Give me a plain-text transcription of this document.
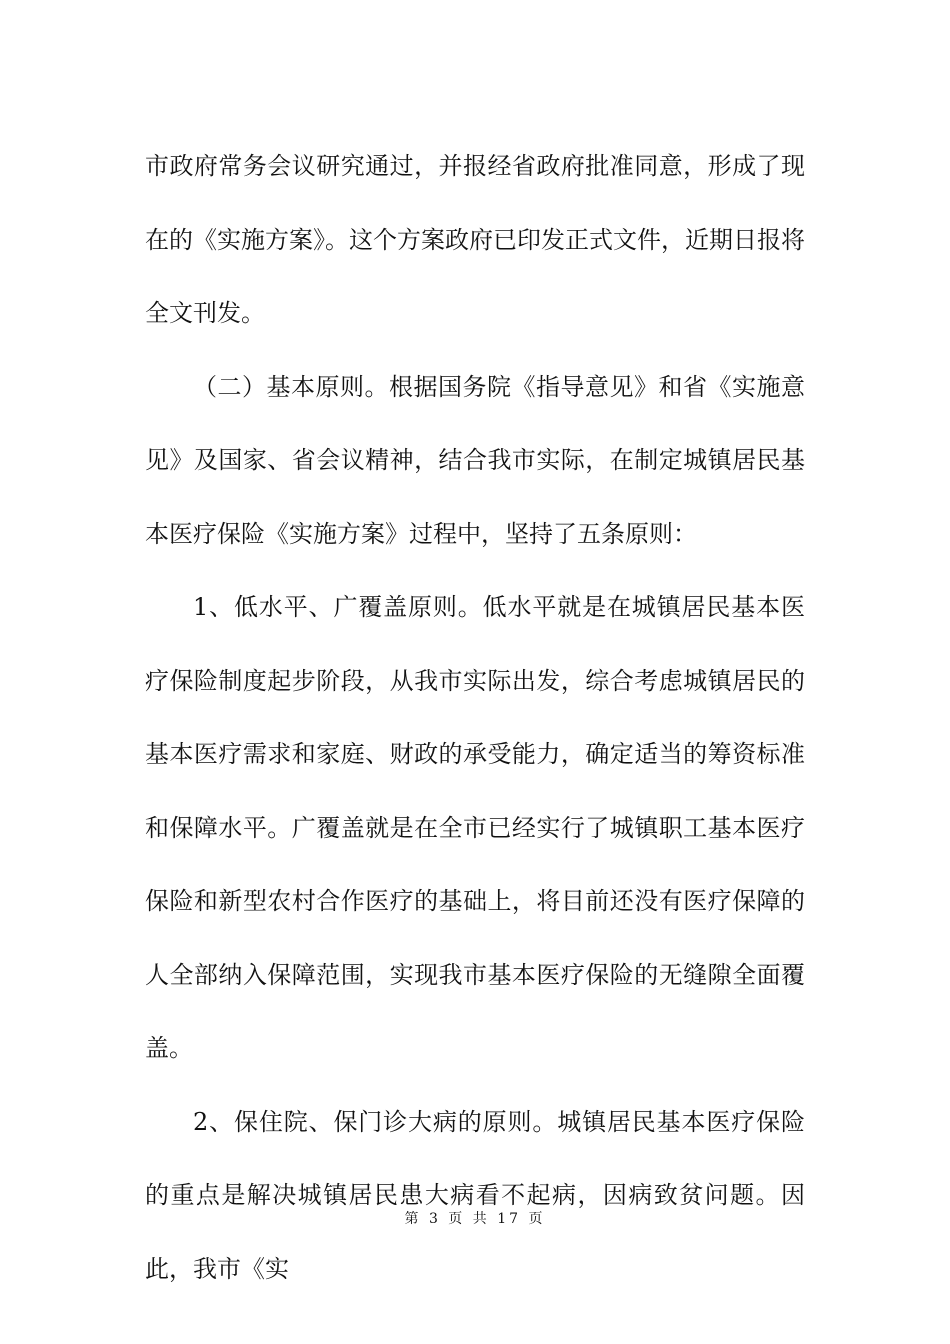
市政府常务会议研究通过，并报经省政府批准同意，形成了现在的《实施方案》。这个方案政府已印发正式文件，近期日报将全文刊发。

（二）基本原则。根据国务院《指导意见》和省《实施意见》及国家、省会议精神，结合我市实际，在制定城镇居民基本医疗保险《实施方案》过程中，坚持了五条原则：

1、低水平、广覆盖原则。低水平就是在城镇居民基本医疗保险制度起步阶段，从我市实际出发，综合考虑城镇居民的基本医疗需求和家庭、财政的承受能力，确定适当的筹资标准和保障水平。广覆盖就是在全市已经实行了城镇职工基本医疗保险和新型农村合作医疗的基础上，将目前还没有医疗保障的人全部纳入保障范围，实现我市基本医疗保险的无缝隙全面覆盖。

2、保住院、保门诊大病的原则。城镇居民基本医疗保险的重点是解决城镇居民患大病看不起病，因病致贫问题。因此，我市《实

第 3 页 共 17 页
